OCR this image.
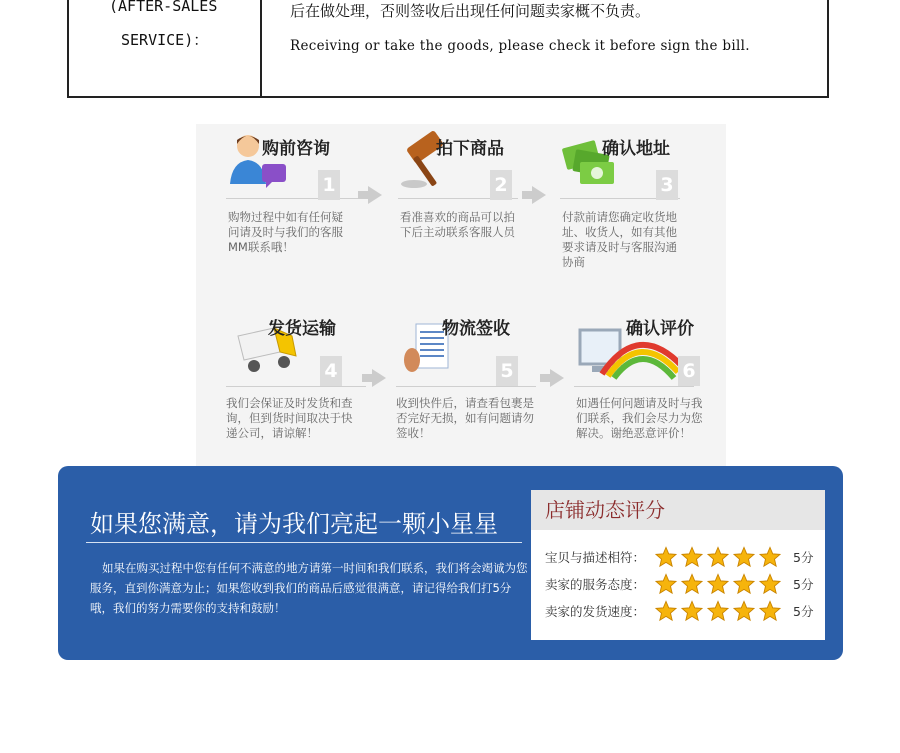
(AFTER-SALES
SERVICE)：
后在做处理，否则签收后出现任何问题卖家概不负责。
Receiving or take the goods, please check it before sign the bill.
购前咨询
1
购物过程中如有任何疑问请及时与我们的客服MM联系哦！
拍下商品
2
看准喜欢的商品可以拍下后主动联系客服人员
确认地址
3
付款前请您确定收货地址、收货人，如有其他要求请及时与客服沟通协商
发货运输
4
我们会保证及时发货和查询，但到货时间取决于快递公司，请谅解！
物流签收
5
收到快件后，请查看包裹是否完好无损，如有问题请勿签收！
确认评价
6
如遇任何问题请及时与我们联系，我们会尽力为您解决。谢绝恶意评价！
如果您满意，请为我们亮起一颗小星星
如果在购买过程中您有任何不满意的地方请第一时间和我们联系，我们将会竭诚为您服务，直到你满意为止；如果您收到我们的商品后感觉很满意，请记得给我们打5分哦，我们的努力需要你的支持和鼓励！
店铺动态评分
宝贝与描述相符：	5分
卖家的服务态度：	5分
卖家的发货速度：	5分
